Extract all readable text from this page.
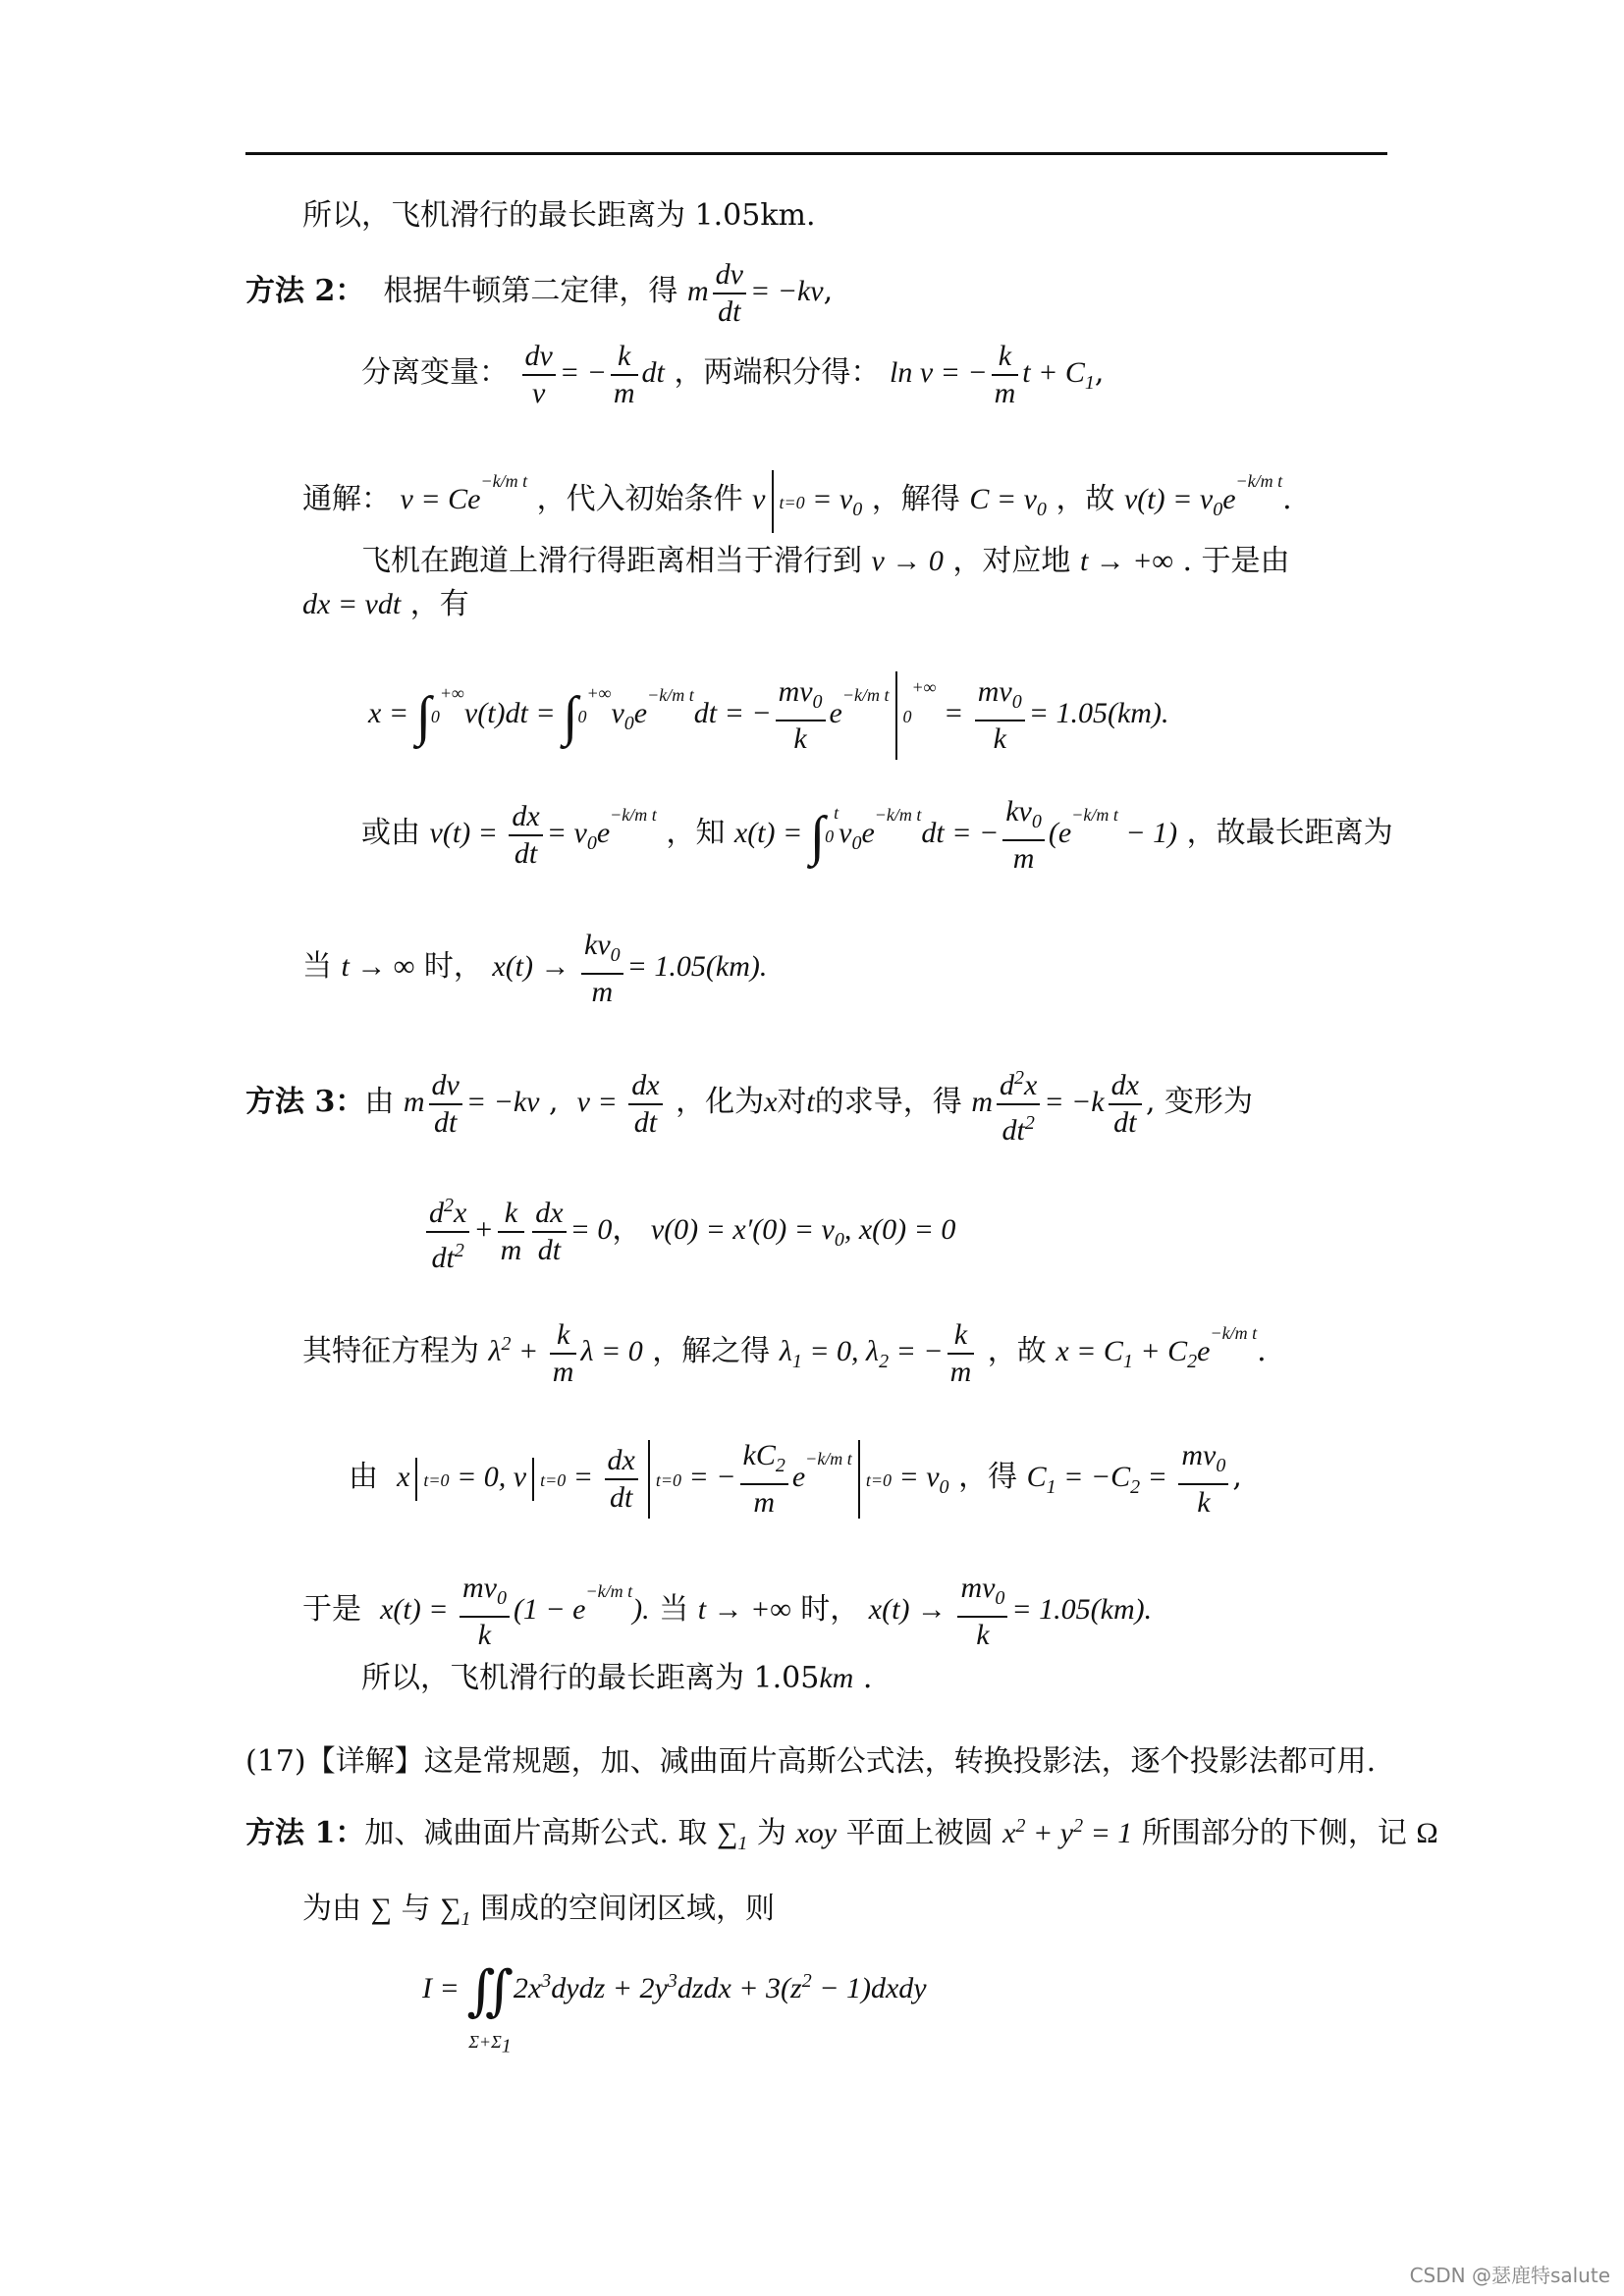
所以，飞机滑行的最长距离为 1.05km.
方法 2： 根据牛顿第二定律，得 m $\frac{dv}{dt} = -kv$,
分离变量： $\frac{dv}{v}$ = − $\frac{k}{m}$ dt ，两端积分得： ln v = − $\frac{k}{m}$ $t + C_1$,
通解： $v = Ce^{-k/m t}$ ，代入初始条件 v $t=0 = v_0$ ，解得 $C = v_0$ ，故 $v(t) = v_0e^{-k/m t}$.
飞机在跑道上滑行得距离相当于滑行到 v → 0 ，对应地 t → +∞ . 于是由
dx = vdt ，有
$x = \int 0^{+\infty}v(t)dt = \int 0^{+\infty}v_0e^{-k/m t}dt$ = − $\frac{mv_0}{k} e^{-k/m t}0^{+\infty} = \frac{mv_0}{k} = 1.05(km)$.
或由 $v(t) = \frac{dx}{dt} = v_0e^{-k/m t}$ ，知 $x(t) = \int 0^tv_0e^{-k/m t}dt$ = − $\frac{kv_0}{m} (e^{-k/m t} - 1)$ ，故最长距离为
当 t → ∞ 时， $x(t) \to \frac{kv_0}{m} = 1.05(km)$.
方法 3：由 m $\frac{dv}{dt} = -kv$ ,  $v = \frac{dx}{dt}$ ，化为x对t的求导，得 m $\frac{d^2x}{dt^2} = -k \frac{dx}{dt}$ , 变形为
$\frac{d^2x}{dt^2} + \frac{k}{m} \frac{dx}{dt} = 0$， $v(0) = x'(0) = v_0$, x(0) = 0
其特征方程为 $\lambda^2 + \frac{k}{m}$ λ = 0 ，解之得 $\lambda_1 = 0$, $\lambda_2$ = − $\frac{k}{m}$ ，故 $x = C_1 + C_2e^{-k/m t}$.
由 x t=0 = 0, v $t=0 = \frac{dx}{dt} t=0$ = − $\frac{kC_2}{m} e^{-k/m t}t=0 = v_0$ ，得 $C_1 = -C_2 = \frac{mv_0}{k}$ ,
于是 $x(t) = \frac{mv_0}{k} (1 - e^{-k/m t})$. 当 t → +∞ 时， $x(t) \to \frac{mv_0}{k} = 1.05(km)$.
所以，飞机滑行的最长距离为 1.05km .
(17)【详解】这是常规题，加、减曲面片高斯公式法，转换投影法，逐个投影法都可用.
方法 1：加、减曲面片高斯公式. 取 $\sum_1$ 为 xoy 平面上被圆 $x^2 + y^2 = 1$ 所围部分的下侧，记 Ω
为由 ∑ 与 $\sum_1$ 围成的空间闭区域，则
I = ∬
$\Sigma+\Sigma_1$
$2x^3dydz$ + $2y^3dzdx + 3(z^2$ − 1)dxdy
CSDN @瑟鹿特salute
